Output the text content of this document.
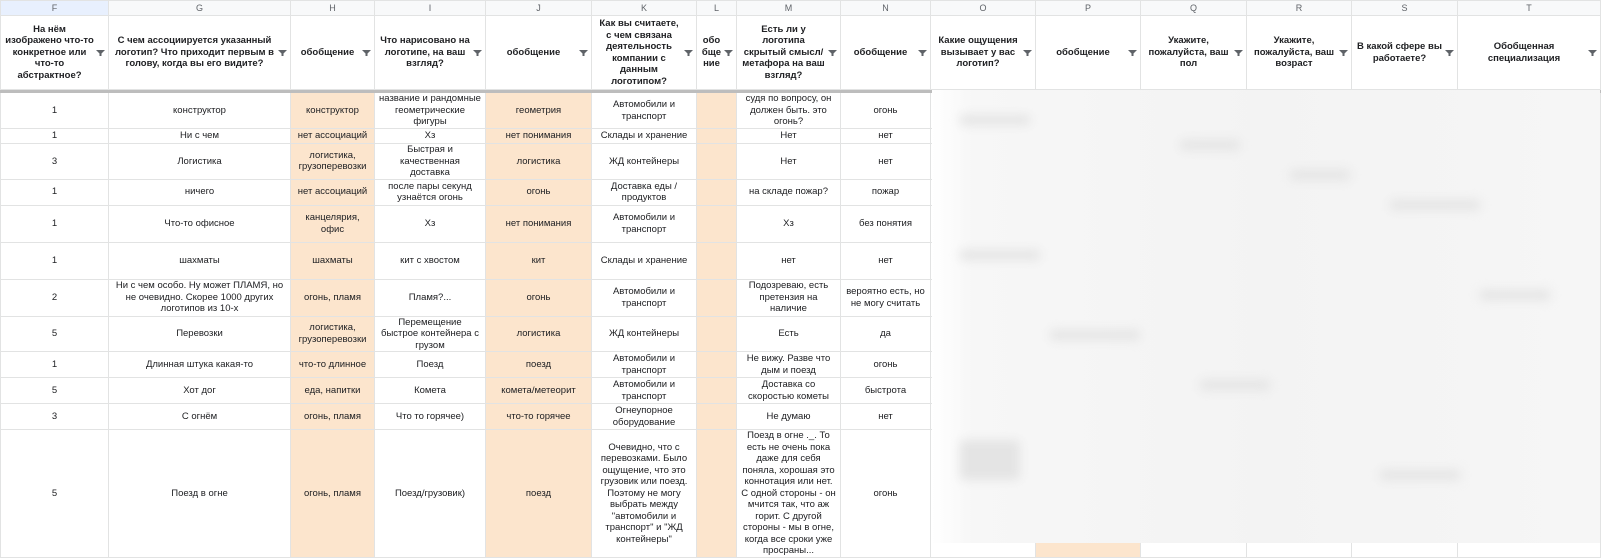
F	G	H	I	J	K	L	M	N	O	P	Q	R	S	T
На нём изображено что-то конкретное или что-то абстрактное?	С чем ассоциируется указанный логотип? Что приходит первым в голову, когда вы его видите?	обобщение	Что нарисовано на логотипе, на ваш взгляд?	обобщение	Как вы считаете, с чем связана деятельность компании с данным логотипом?	обо бще ние	Есть ли у логотипа скрытый смысл/метафора на ваш взгляд?	обобщение	Какие ощущения вызывает у вас логотип?	обобщение	Укажите, пожалуйста, ваш пол	Укажите, пожалуйста, ваш возраст	В какой сфере вы работаете?	Обобщенная специализация

1	конструктор	конструктор	название и рандомные геометрические фигуры	геометрия	Автомобили и транспорт		судя по вопросу, он должен быть. это огонь?	огонь						
1	Ни с чем	нет ассоциаций	Хз	нет понимания	Склады и хранение		Нет	нет						
3	Логистика	логистика, грузоперевозки	Быстрая и качественная доставка	логистика	ЖД контейнеры		Нет	нет						
1	ничего	нет ассоциаций	после пары секунд узнаётся огонь	огонь	Доставка еды / продуктов		на складе пожар?	пожар						
1	Что-то офисное	канцелярия, офис	Хз	нет понимания	Автомобили и транспорт		Хз	без понятия						
1	шахматы	шахматы	кит с хвостом	кит	Склады и хранение		нет	нет						
2	Ни с чем особо. Ну может ПЛАМЯ, но не очевидно. Скорее 1000 других логотипов из 10-х	огонь, пламя	Пламя?...	огонь	Автомобили и транспорт		Подозреваю, есть претензия на наличие	вероятно есть, но не могу считать						
5	Перевозки	логистика, грузоперевозки	Перемещение быстрое контейнера с грузом	логистика	ЖД контейнеры		Есть	да						
1	Длинная штука какая-то	что-то длинное	Поезд	поезд	Автомобили и транспорт		Не вижу. Разве что дым и поезд	огонь						
5	Хот дог	еда, напитки	Комета	комета/метеорит	Автомобили и транспорт		Доставка со скоростью кометы	быстрота						
3	С огнём	огонь, пламя	Что то горячее)	что-то горячее	Огнеупорное оборудование		Не думаю	нет						
5	Поезд в огне	огонь, пламя	Поезд/грузовик)	поезд	Очевидно, что с перевозками. Было ощущение, что это грузовик или поезд. Поэтому не могу выбрать между "автомобили и транспорт" и "ЖД контейнеры"		Поезд в огне ._. То есть не очень пока даже для себя поняла, хорошая это коннотация или нет. С одной стороны - он мчится так, что аж горит. С другой стороны - мы в огне, когда все сроки уже просраны...	огонь						
